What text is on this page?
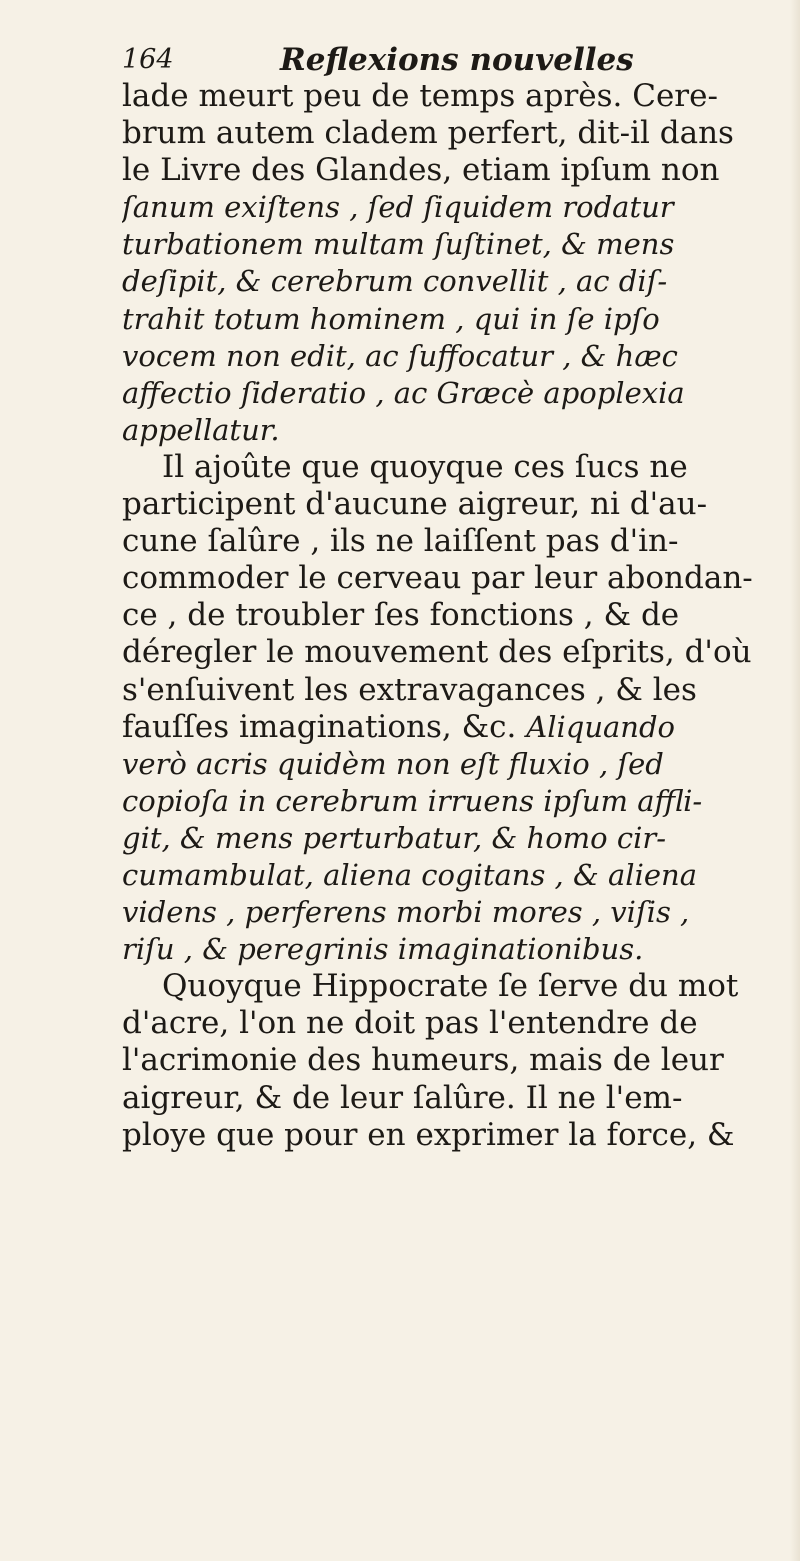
164	Reflexions nouvelles
lade meurt peu de temps après. Cere-
brum autem cladem perfert, dit-il dans
le Livre des Glandes, etiam ipſum non
ſanum exiſtens , ſed ſiquidem rodatur
turbationem multam ſuſtinet, & mens
deſipit, & cerebrum convellit , ac diſ-
trahit totum hominem , qui in ſe ipſo
vocem non edit, ac ſuffocatur , & hæc
affectio ſideratio , ac Græcè apoplexia
appellatur.
Il ajoûte que quoyque ces ſucs ne
participent d'aucune aigreur, ni d'au-
cune ſalûre , ils ne laiſſent pas d'in-
commoder le cerveau par leur abondan-
ce , de troubler ſes fonctions , & de
déregler le mouvement des eſprits, d'où
s'enſuivent les extravagances , & les
fauſſes imaginations, &c. Aliquando
verò acris quidèm non eſt fluxio , ſed
copioſa in cerebrum irruens ipſum affli-
git, & mens perturbatur, & homo cir-
cumambulat, aliena cogitans , & aliena
videns , perferens morbi mores , viſis ,
riſu , & peregrinis imaginationibus.
Quoyque Hippocrate ſe ſerve du mot
d'acre, l'on ne doit pas l'entendre de
l'acrimonie des humeurs, mais de leur
aigreur, & de leur ſalûre. Il ne l'em-
ploye que pour en exprimer la force, &
